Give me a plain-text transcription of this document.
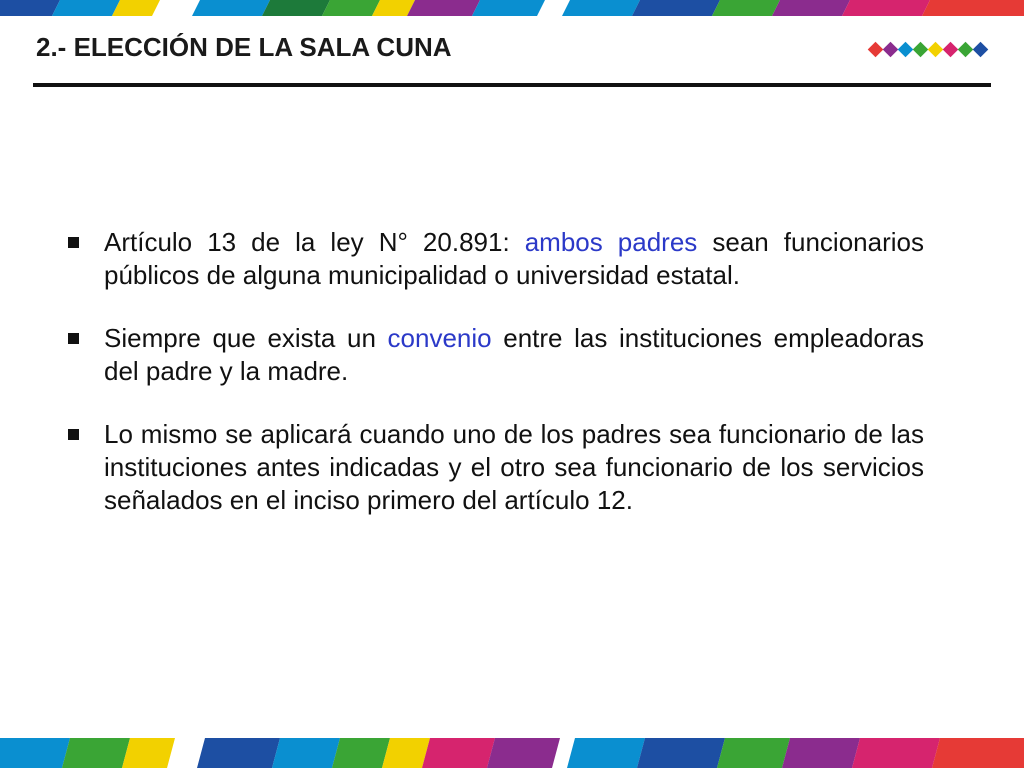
2.- ELECCIÓN DE LA SALA CUNA
Artículo 13 de la ley N° 20.891: ambos padres sean funcionarios públicos de alguna municipalidad o universidad estatal.
Siempre que exista un convenio entre las instituciones empleadoras del padre y la madre.
Lo mismo se aplicará cuando uno de los padres sea funcionario de las instituciones antes indicadas y el otro sea funcionario de los servicios señalados en el inciso primero del artículo 12.
